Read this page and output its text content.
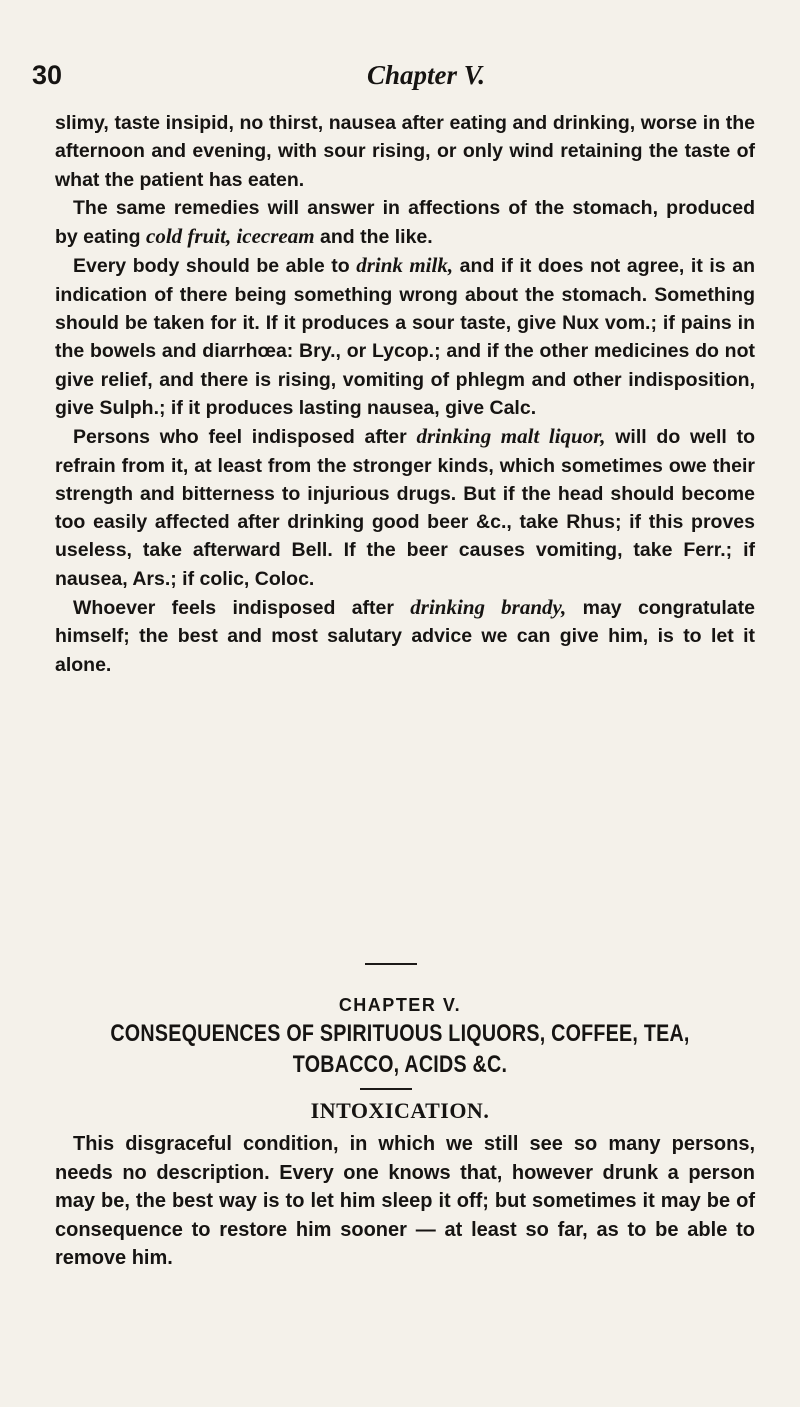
30	Chapter V.

slimy, taste insipid, no thirst, nausea after eating and drinking, worse in the afternoon and evening, with sour rising, or only wind retaining the taste of what the patient has eaten.

The same remedies will answer in affections of the stomach, produced by eating cold fruit, icecream and the like.

Every body should be able to drink milk, and if it does not agree, it is an indication of there being something wrong about the stomach. Something should be taken for it. If it produces a sour taste, give Nux vom.; if pains in the bowels and diarrhœa: Bry., or Lycop.; and if the other medicines do not give relief, and there is rising, vomiting of phlegm and other indisposition, give Sulph.; if it produces lasting nausea, give Calc.

Persons who feel indisposed after drinking malt liquor, will do well to refrain from it, at least from the stronger kinds, which sometimes owe their strength and bitterness to injurious drugs. But if the head should become too easily affected after drinking good beer &c., take Rhus; if this proves useless, take afterward Bell. If the beer causes vomiting, take Ferr.; if nausea, Ars.; if colic, Coloc.

Whoever feels indisposed after drinking brandy, may congratulate himself; the best and most salutary advice we can give him, is to let it alone.

CHAPTER V.
CONSEQUENCES OF SPIRITUOUS LIQUORS, COFFEE, TEA,
TOBACCO, ACIDS &C.
INTOXICATION.

This disgraceful condition, in which we still see so many persons, needs no description. Every one knows that, however drunk a person may be, the best way is to let him sleep it off; but sometimes it may be of consequence to restore him sooner — at least so far, as to be able to remove him.
